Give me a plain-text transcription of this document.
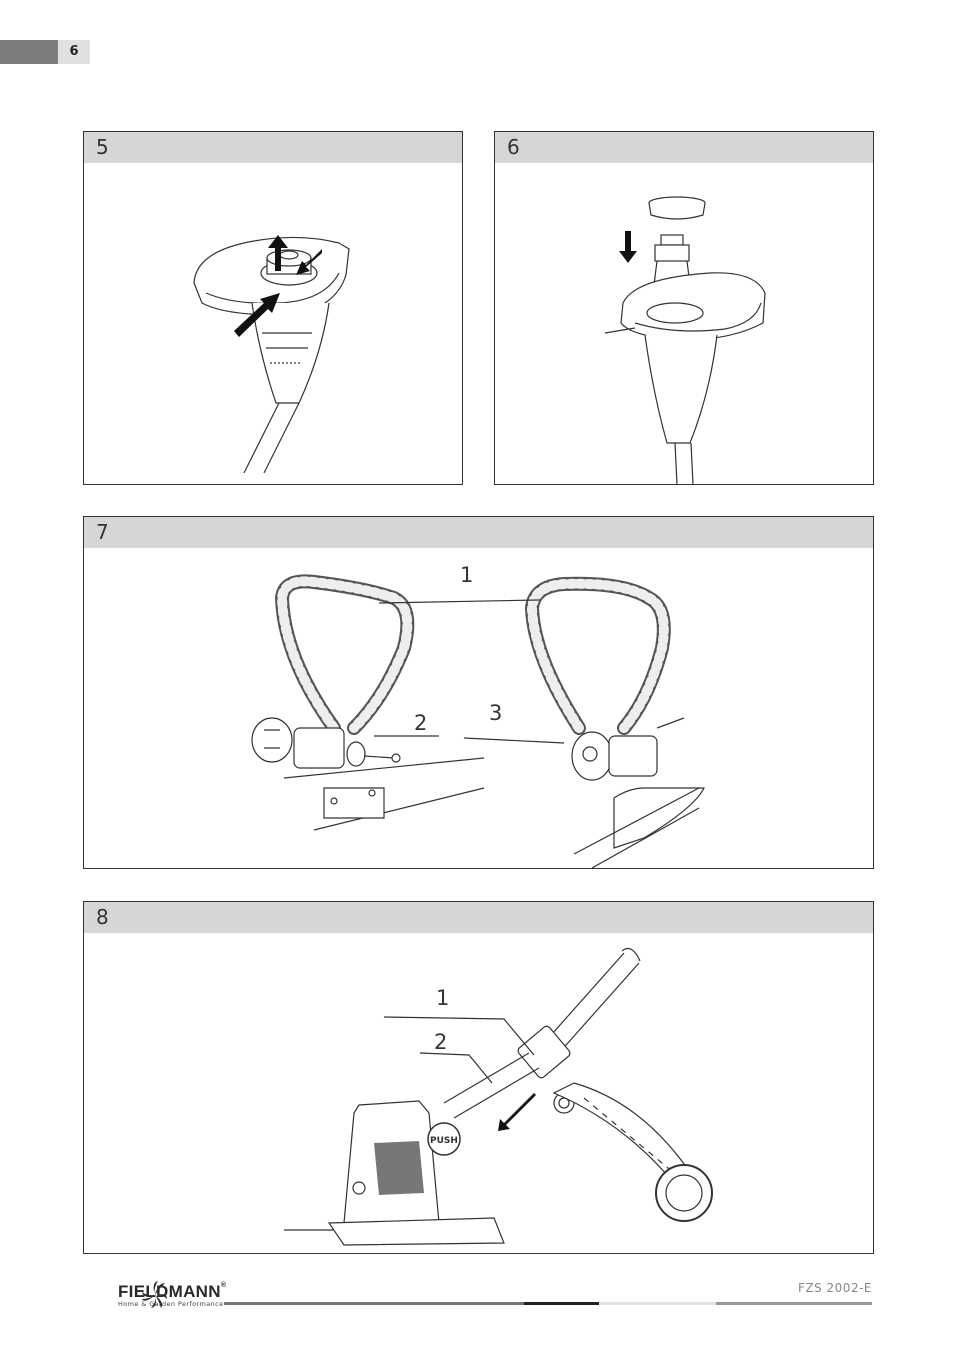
6
5	6
7
1
2	3
8
PUSH
1
2
FIELDMANN®
Home & Garden Performance
FZS 2002-E
